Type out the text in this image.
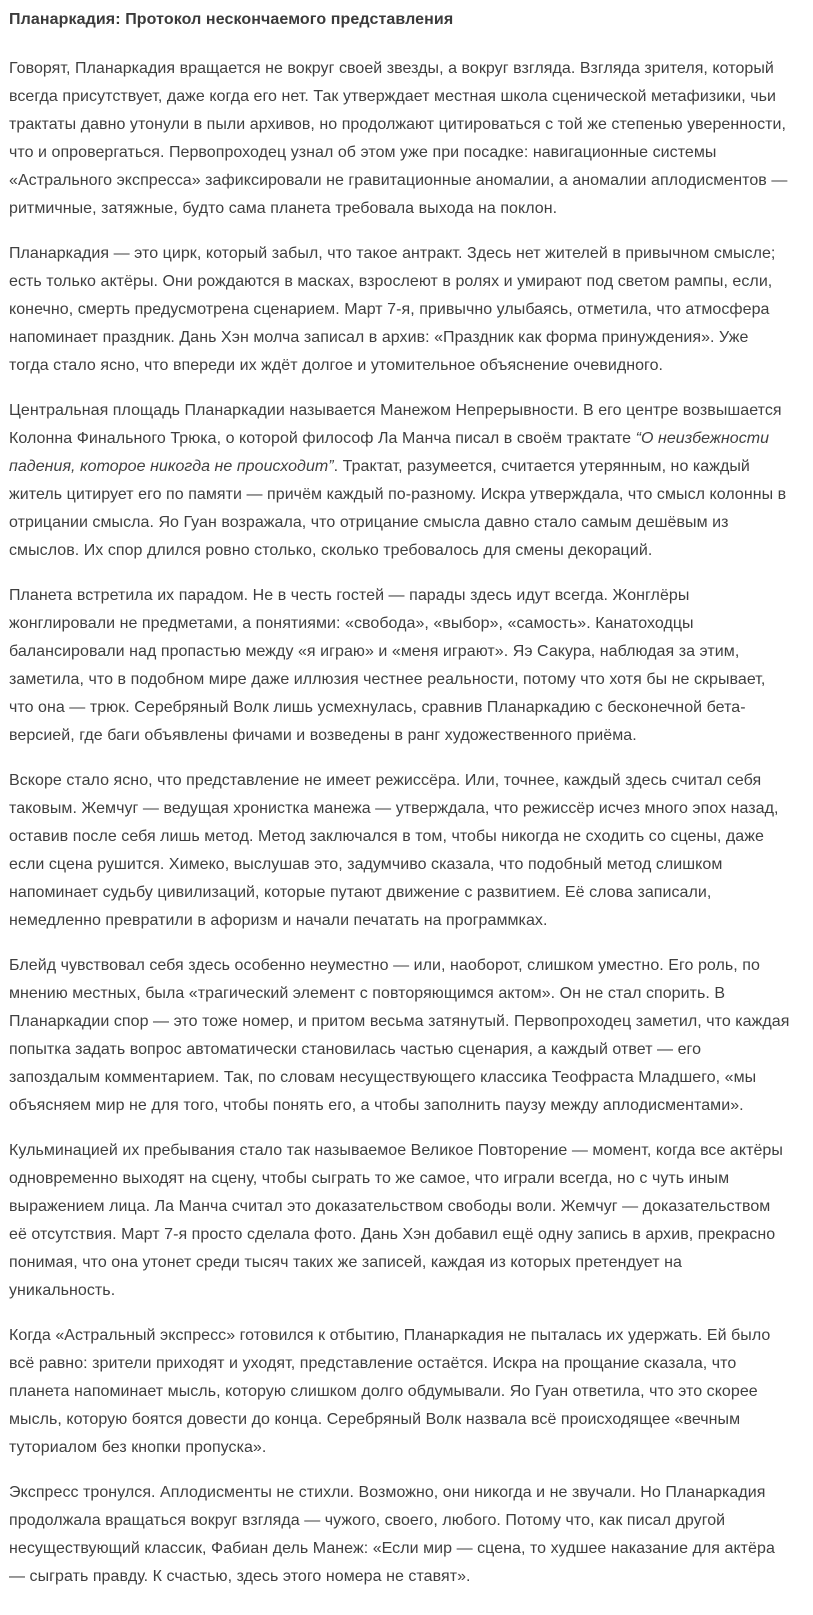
Планаркадия: Протокол нескончаемого представления

Говорят, Планаркадия вращается не вокруг своей звезды, а вокруг взгляда. Взгляда зрителя, который всегда присутствует, даже когда его нет. Так утверждает местная школа сценической метафизики, чьи трактаты давно утонули в пыли архивов, но продолжают цитироваться с той же степенью уверенности, что и опровергаться. Первопроходец узнал об этом уже при посадке: навигационные системы «Астрального экспресса» зафиксировали не гравитационные аномалии, а аномалии аплодисментов — ритмичные, затяжные, будто сама планета требовала выхода на поклон.

Планаркадия — это цирк, который забыл, что такое антракт. Здесь нет жителей в привычном смысле; есть только актёры. Они рождаются в масках, взрослеют в ролях и умирают под светом рампы, если, конечно, смерть предусмотрена сценарием. Март 7-я, привычно улыбаясь, отметила, что атмосфера напоминает праздник. Дань Хэн молча записал в архив: «Праздник как форма принуждения». Уже тогда стало ясно, что впереди их ждёт долгое и утомительное объяснение очевидного.

Центральная площадь Планаркадии называется Манежом Непрерывности. В его центре возвышается Колонна Финального Трюка, о которой философ Ла Манча писал в своём трактате “О неизбежности падения, которое никогда не происходит”. Трактат, разумеется, считается утерянным, но каждый житель цитирует его по памяти — причём каждый по-разному. Искра утверждала, что смысл колонны в отрицании смысла. Яо Гуан возражала, что отрицание смысла давно стало самым дешёвым из смыслов. Их спор длился ровно столько, сколько требовалось для смены декораций.

Планета встретила их парадом. Не в честь гостей — парады здесь идут всегда. Жонглёры жонглировали не предметами, а понятиями: «свобода», «выбор», «самость». Канатоходцы балансировали над пропастью между «я играю» и «меня играют». Яэ Сакура, наблюдая за этим, заметила, что в подобном мире даже иллюзия честнее реальности, потому что хотя бы не скрывает, что она — трюк. Серебряный Волк лишь усмехнулась, сравнив Планаркадию с бесконечной бета-версией, где баги объявлены фичами и возведены в ранг художественного приёма.

Вскоре стало ясно, что представление не имеет режиссёра. Или, точнее, каждый здесь считал себя таковым. Жемчуг — ведущая хронистка манежа — утверждала, что режиссёр исчез много эпох назад, оставив после себя лишь метод. Метод заключался в том, чтобы никогда не сходить со сцены, даже если сцена рушится. Химеко, выслушав это, задумчиво сказала, что подобный метод слишком напоминает судьбу цивилизаций, которые путают движение с развитием. Её слова записали, немедленно превратили в афоризм и начали печатать на программках.

Блейд чувствовал себя здесь особенно неуместно — или, наоборот, слишком уместно. Его роль, по мнению местных, была «трагический элемент с повторяющимся актом». Он не стал спорить. В Планаркадии спор — это тоже номер, и притом весьма затянутый. Первопроходец заметил, что каждая попытка задать вопрос автоматически становилась частью сценария, а каждый ответ — его запоздалым комментарием. Так, по словам несуществующего классика Теофраста Младшего, «мы объясняем мир не для того, чтобы понять его, а чтобы заполнить паузу между аплодисментами».

Кульминацией их пребывания стало так называемое Великое Повторение — момент, когда все актёры одновременно выходят на сцену, чтобы сыграть то же самое, что играли всегда, но с чуть иным выражением лица. Ла Манча считал это доказательством свободы воли. Жемчуг — доказательством её отсутствия. Март 7-я просто сделала фото. Дань Хэн добавил ещё одну запись в архив, прекрасно понимая, что она утонет среди тысяч таких же записей, каждая из которых претендует на уникальность.

Когда «Астральный экспресс» готовился к отбытию, Планаркадия не пыталась их удержать. Ей было всё равно: зрители приходят и уходят, представление остаётся. Искра на прощание сказала, что планета напоминает мысль, которую слишком долго обдумывали. Яо Гуан ответила, что это скорее мысль, которую боятся довести до конца. Серебряный Волк назвала всё происходящее «вечным туториалом без кнопки пропуска».

Экспресс тронулся. Аплодисменты не стихли. Возможно, они никогда и не звучали. Но Планаркадия продолжала вращаться вокруг взгляда — чужого, своего, любого. Потому что, как писал другой несуществующий классик, Фабиан дель Манеж: «Если мир — сцена, то худшее наказание для актёра — сыграть правду. К счастью, здесь этого номера не ставят».
